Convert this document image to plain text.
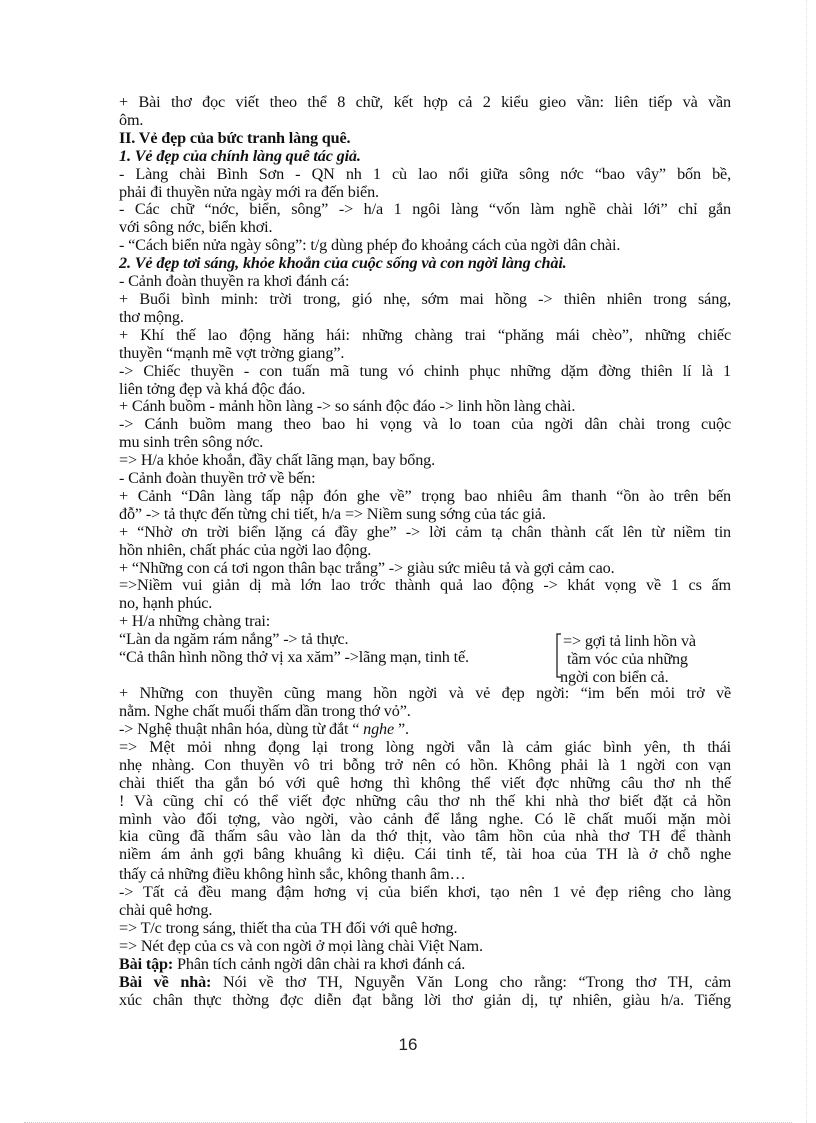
+ Bài thơ đọc viết theo thể 8 chữ, kết hợp cả 2 kiểu gieo vần: liên tiếp và vần
ôm.
II. Vẻ đẹp của bức tranh làng quê.
1. Vẻ đẹp của chính làng quê tác giả.
- Làng chài Bình Sơn - QN nh 1 cù lao nổi giữa sông nớc “bao vây” bốn bề,
phải đi thuyền nửa ngày mới ra đến biển.
- Các chữ “nớc, biển, sông” -> h/a 1 ngôi làng “vốn làm nghề chài lới” chỉ gắn
với sông nớc, biển khơi.
- “Cách biển nửa ngày sông”: t/g dùng phép đo khoảng cách của ngời dân chài.
2. Vẻ đẹp tơi sáng, khỏe khoắn của cuộc sống và con ngời làng chài.
- Cảnh đoàn thuyền ra khơi đánh cá:
+ Buổi bình minh: trời trong, gió nhẹ, sớm mai hồng -> thiên nhiên trong sáng,
thơ mộng.
+ Khí thế lao động hăng hái: những chàng trai “phăng mái chèo”, những chiếc
thuyền “mạnh mẽ vợt trờng giang”.
-> Chiếc thuyền - con tuấn mã tung vó chinh phục những dặm đờng thiên lí là 1
liên tởng đẹp và khá độc đáo.
+ Cánh buồm - mảnh hồn làng -> so sánh độc đáo -> linh hồn làng chài.
-> Cánh buồm mang theo bao hi vọng và lo toan của ngời dân chài trong cuộc
mu sinh trên sông nớc.
=> H/a khỏe khoắn, đầy chất lãng mạn, bay bổng.
- Cảnh đoàn thuyền trở về bến:
+ Cảnh “Dân làng tấp nập đón ghe về” trọng bao nhiêu âm thanh “ồn ào trên bến
đỗ” -> tả thực đến từng chi tiết, h/a => Niềm sung sớng của tác giả.
+ “Nhờ ơn trời biển lặng cá đầy ghe” -> lời cảm tạ chân thành cất lên từ niềm tin
hồn nhiên, chất phác của ngời lao động.
+ “Những con cá tơi ngon thân bạc trắng” -> giàu sức miêu tả và gợi cảm cao.
=>Niềm vui giản dị mà lớn lao trớc thành quả lao động -> khát vọng về 1 cs ấm
no, hạnh phúc.
+ H/a những chàng trai:
“Làn da ngăm rám nắng” -> tả thực.
“Cả thân hình nồng thở vị xa xăm” ->lãng mạn, tinh tế.
=> gợi tả linh hồn và
tầm vóc của những
ngời con biển cả.
+ Những con thuyền cũng mang hồn ngời và vẻ đẹp ngời: “im bến mỏi trở về
nằm. Nghe chất muối thấm dần trong thớ vỏ”.
-> Nghệ thuật nhân hóa, dùng từ đắt “ nghe ”.
=> Mệt mỏi nhng đọng lại trong lòng ngời vẫn là cảm giác bình yên, th thái
nhẹ nhàng. Con thuyền vô tri bỗng trở nên có hồn. Không phải là 1 ngời con vạn
chài thiết tha gắn bó với quê hơng thì không thể viết đợc những câu thơ nh thế
! Và cũng chỉ có thể viết đợc những câu thơ nh thế khi nhà thơ biết đặt cả hồn
mình vào đối tợng, vào ngời, vào cảnh để lắng nghe. Có lẽ chất muối mặn mòi
kia cũng đã thấm sâu vào làn da thớ thịt, vào tâm hồn của nhà thơ TH để thành
niềm ám ảnh gợi bâng khuâng kì diệu. Cái tinh tế, tài hoa của TH là ở chỗ nghe
thấy cả những điều không hình sắc, không thanh âm…
-> Tất cả đều mang đậm hơng vị của biển khơi, tạo nên 1 vẻ đẹp riêng cho làng
chài quê hơng.
=> T/c trong sáng, thiết tha của TH đối với quê hơng.
=> Nét đẹp của cs và con ngời ở mọi làng chài Việt Nam.
Bài tập: Phân tích cảnh ngời dân chài ra khơi đánh cá.
Bài về nhà: Nói về thơ TH, Nguyễn Văn Long cho rằng: “Trong thơ TH, cảm
xúc chân thực thờng đợc diễn đạt bằng lời thơ giản dị, tự nhiên, giàu h/a. Tiếng
16
